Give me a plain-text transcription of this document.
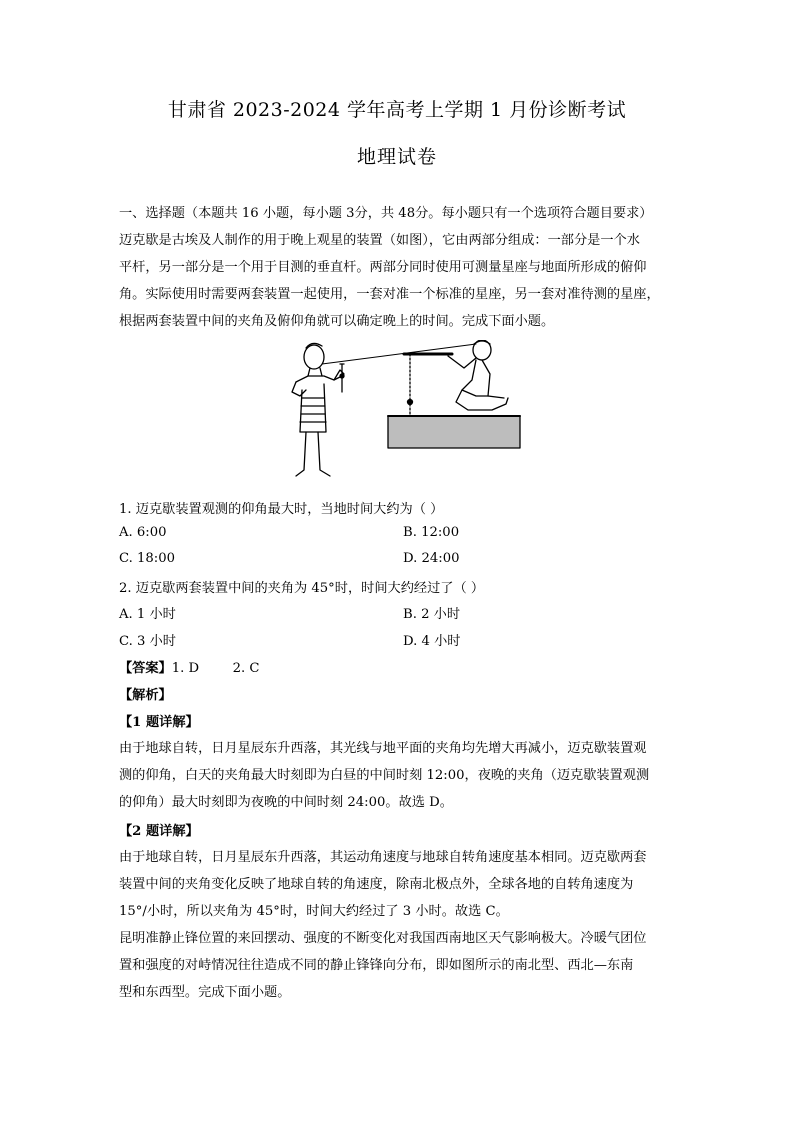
甘肃省 2023-2024 学年高考上学期 1 月份诊断考试
地理试卷
一、选择题（本题共 16 小题，每小题 3分，共 48分。每小题只有一个选项符合题目要求）
迈克歇是古埃及人制作的用于晚上观星的装置（如图），它由两部分组成：一部分是一个水
平杆，另一部分是一个用于目测的垂直杆。两部分同时使用可测量星座与地面所形成的俯仰
角。实际使用时需要两套装置一起使用，一套对准一个标准的星座，另一套对准待测的星座，
根据两套装置中间的夹角及俯仰角就可以确定晚上的时间。完成下面小题。
1. 迈克歇装置观测的仰角最大时，当地时间大约为（ ）
A. 6:00	B. 12:00
C. 18:00	D. 24:00
2. 迈克歇两套装置中间的夹角为 45°时，时间大约经过了（ ）
A. 1 小时	B. 2 小时
C. 3 小时	D. 4 小时
【答案】1. D        2. C
【解析】
【1 题详解】
由于地球自转，日月星辰东升西落，其光线与地平面的夹角均先增大再减小，迈克歇装置观
测的仰角，白天的夹角最大时刻即为白昼的中间时刻 12:00，夜晚的夹角（迈克歇装置观测
的仰角）最大时刻即为夜晚的中间时刻 24:00。故选 D。
【2 题详解】
由于地球自转，日月星辰东升西落，其运动角速度与地球自转角速度基本相同。迈克歇两套
装置中间的夹角变化反映了地球自转的角速度，除南北极点外，全球各地的自转角速度为
15°/小时，所以夹角为 45°时，时间大约经过了 3 小时。故选 C。
昆明准静止锋位置的来回摆动、强度的不断变化对我国西南地区天气影响极大。冷暖气团位
置和强度的对峙情况往往造成不同的静止锋锋向分布，即如图所示的南北型、西北—东南
型和东西型。完成下面小题。
